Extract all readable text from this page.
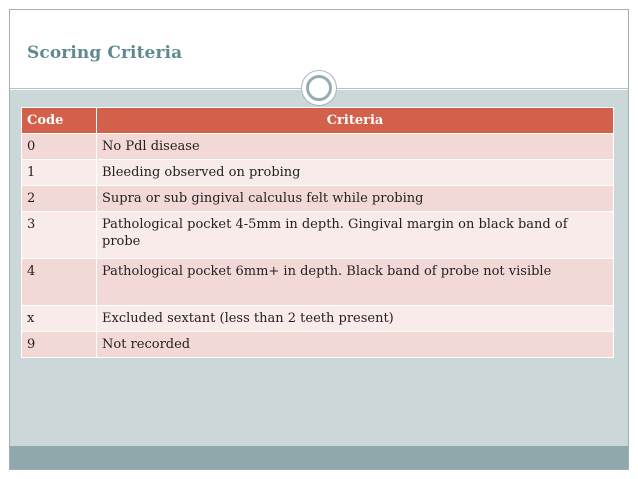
Scoring Criteria
Code	Criteria
0	No Pdl disease
1	Bleeding observed on probing
2	Supra or sub gingival calculus felt while probing
3	Pathological pocket 4-5mm in depth. Gingival margin on black band of probe
4	Pathological pocket 6mm+ in depth. Black band of probe not visible
x	Excluded sextant (less than 2 teeth present)
9	Not recorded
